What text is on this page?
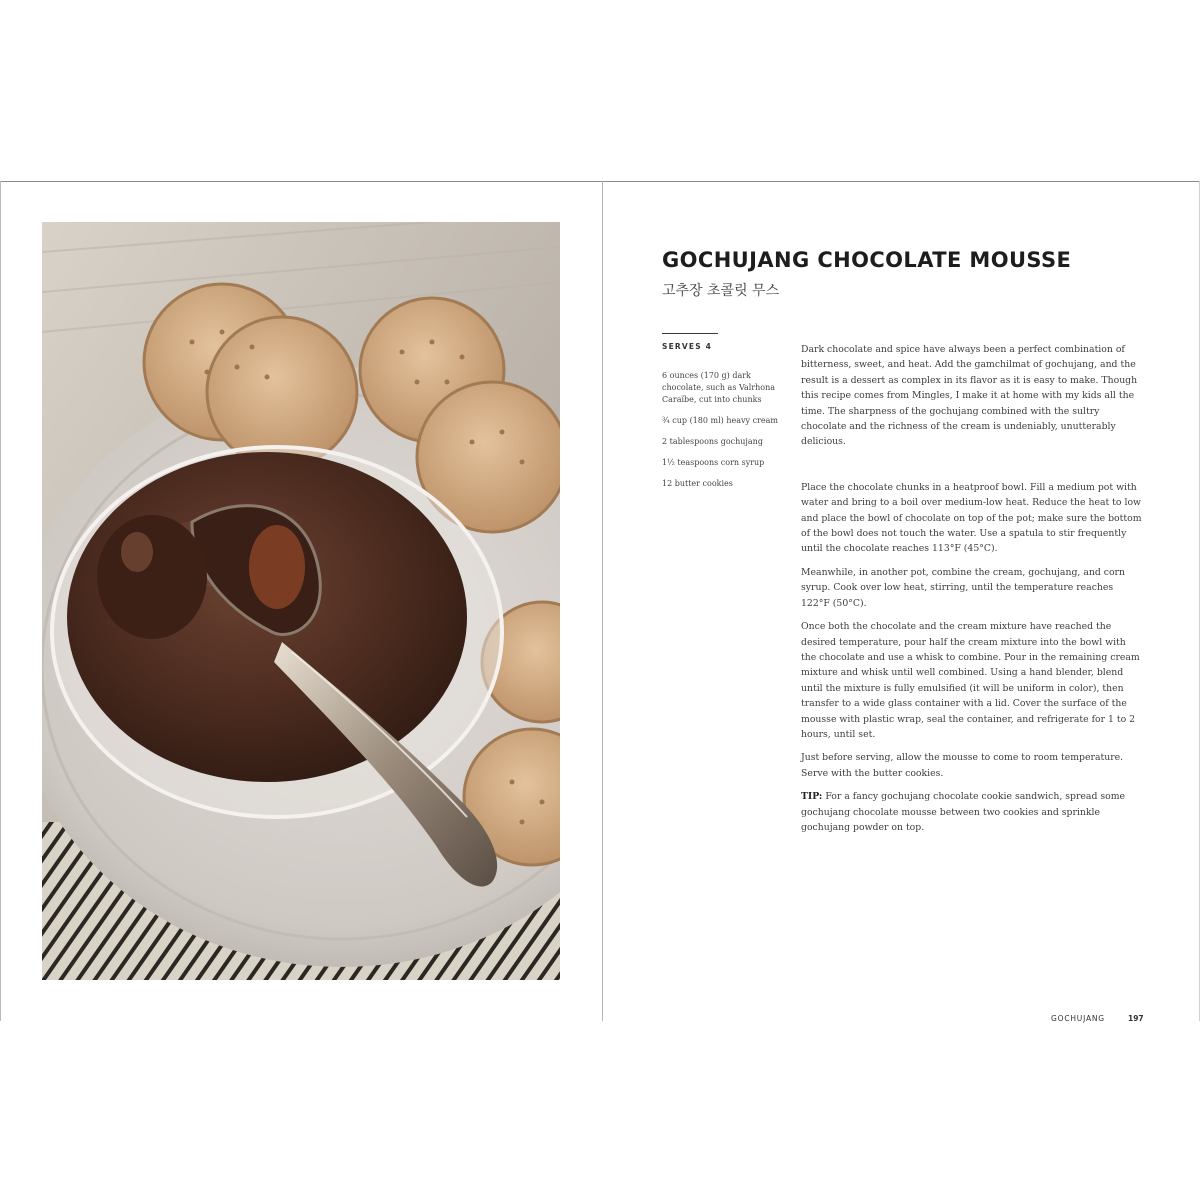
GOCHUJANG CHOCOLATE MOUSSE
고추장 초콜릿 무스
SERVES 4
6 ounces (170 g) dark chocolate, such as Valrhona Caraïbe, cut into chunks
¾ cup (180 ml) heavy cream
2 tablespoons gochujang
1½ teaspoons corn syrup
12 butter cookies

Dark chocolate and spice have always been a perfect combination of bitterness, sweet, and heat. Add the gamchilmat of gochujang, and the result is a dessert as complex in its flavor as it is easy to make. Though this recipe comes from Mingles, I make it at home with my kids all the time. The sharpness of the gochujang combined with the sultry chocolate and the richness of the cream is undeniably, unutterably delicious.

Place the chocolate chunks in a heatproof bowl. Fill a medium pot with water and bring to a boil over medium-low heat. Reduce the heat to low and place the bowl of chocolate on top of the pot; make sure the bottom of the bowl does not touch the water. Use a spatula to stir frequently until the chocolate reaches 113°F (45°C).

Meanwhile, in another pot, combine the cream, gochujang, and corn syrup. Cook over low heat, stirring, until the temperature reaches 122°F (50°C).

Once both the chocolate and the cream mixture have reached the desired temperature, pour half the cream mixture into the bowl with the chocolate and use a whisk to combine. Pour in the remaining cream mixture and whisk until well combined. Using a hand blender, blend until the mixture is fully emulsified (it will be uniform in color), then transfer to a wide glass container with a lid. Cover the surface of the mousse with plastic wrap, seal the container, and refrigerate for 1 to 2 hours, until set.

Just before serving, allow the mousse to come to room temperature. Serve with the butter cookies.

TIP: For a fancy gochujang chocolate cookie sandwich, spread some gochujang chocolate mousse between two cookies and sprinkle gochujang powder on top.

GOCHUJANG	197
